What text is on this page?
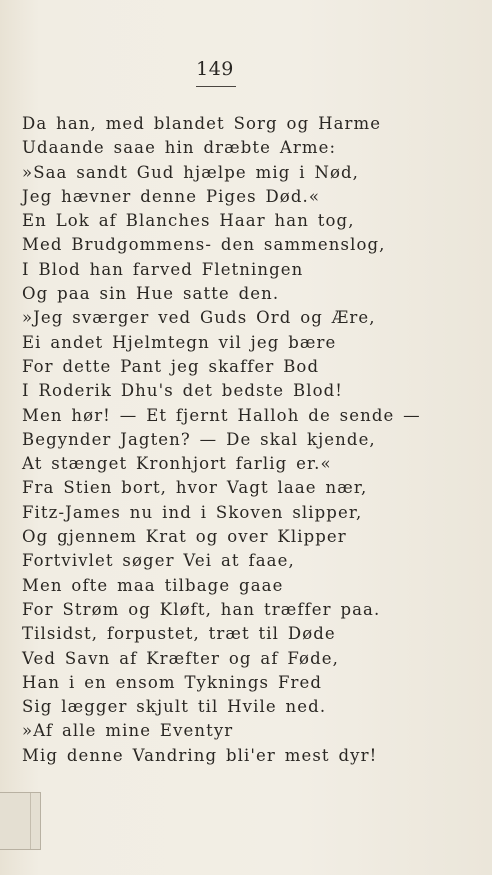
149
Da han, med blandet Sorg og Harme
Udaande saae hin dræbte Arme:
»Saa sandt Gud hjælpe mig i Nød,
Jeg hævner denne Piges Død.«
En Lok af Blanches Haar han tog,
Med Brudgommens- den sammenslog,
I Blod han farved Fletningen
Og paa sin Hue satte den.
»Jeg sværger ved Guds Ord og Ære,
Ei andet Hjelmtegn vil jeg bære
For dette Pant jeg skaffer Bod
I Roderik Dhu's det bedste Blod!
Men hør! — Et fjernt Halloh de sende —
Begynder Jagten? — De skal kjende,
At stænget Kronhjort farlig er.«
Fra Stien bort, hvor Vagt laae nær,
Fitz-James nu ind i Skoven slipper,
Og gjennem Krat og over Klipper
Fortvivlet søger Vei at faae,
Men ofte maa tilbage gaae
For Strøm og Kløft, han træffer paa.
Tilsidst, forpustet, træt til Døde
Ved Savn af Kræfter og af Føde,
Han i en ensom Tyknings Fred
Sig lægger skjult til Hvile ned.
»Af alle mine Eventyr
Mig denne Vandring bli'er mest dyr!
